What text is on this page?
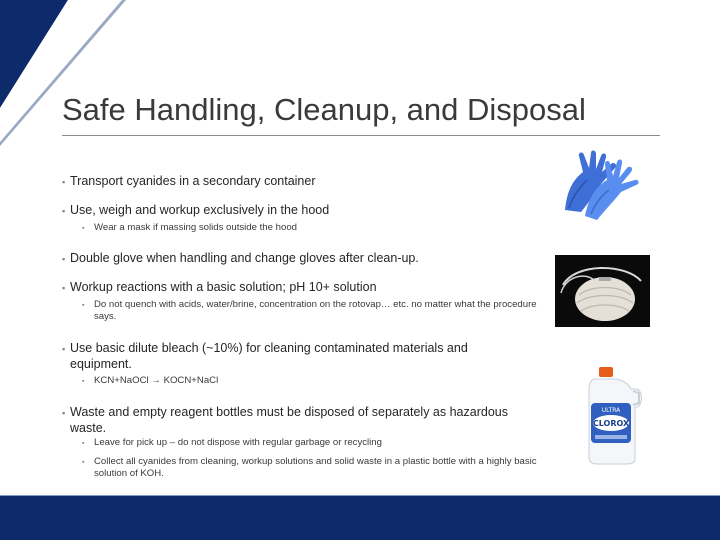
Safe Handling, Cleanup, and Disposal
▪ Transport cyanides in a secondary container
▪ Use, weigh and workup exclusively in the hood
▪ Wear a mask if massing solids outside the hood
▪ Double glove when handling and change gloves after clean-up.
▪ Workup reactions with a basic solution; pH 10+ solution
▪ Do not quench with acids, water/brine, concentration on the rotovap… etc. no matter what the procedure says.
▪ Use basic dilute bleach (~10%) for cleaning contaminated materials and
equipment.
▪ KCN+NaOCl → KOCN+NaCl
▪ Waste and empty reagent bottles must be disposed of separately as hazardous
waste.
▪ Leave for pick up – do not dispose with regular garbage or recycling
▪ Collect all cyanides from cleaning, workup solutions and solid waste in a plastic bottle with a highly basic solution of KOH.
ULTRA
CLOROX
